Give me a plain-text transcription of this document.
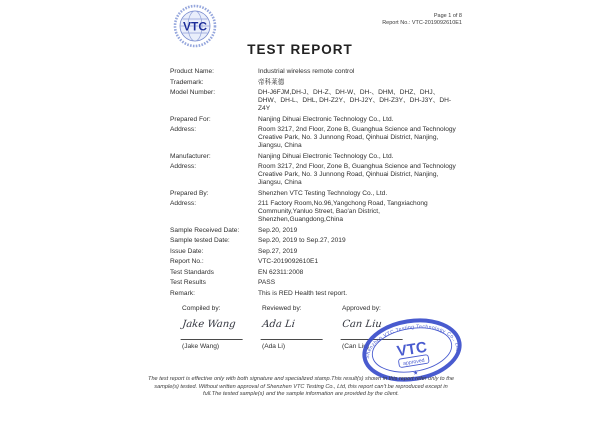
VTC
Page 1 of 8
Report No.: VTC-2019092610E1
TEST REPORT
Product Name:	Industrial wireless remote control
Trademark:	帝科莱德
Model Number:	DH-J6FJM,DH-J、DH-Z、DH-W、DH-、DHM、DHZ、DHJ、DHW、DH-L、DHL, DH-Z2Y、DH-J2Y、DH-Z3Y、DH-J3Y、DH-Z4Y
Prepared For:	Nanjing Dihuai Electronic Technology Co., Ltd.
Address:	Room 3217, 2nd Floor, Zone B, Guanghua Science and Technology Creative Park, No. 3 Junnong Road, Qinhuai District, Nanjing, Jiangsu, China
Manufacturer:	Nanjing Dihuai Electronic Technology Co., Ltd.
Address:	Room 3217, 2nd Floor, Zone B, Guanghua Science and Technology Creative Park, No. 3 Junnong Road, Qinhuai District, Nanjing, Jiangsu, China
Prepared By:	Shenzhen VTC Testing Technology Co., Ltd.
Address:	211 Factory Room,No.96,Yangchong Road, Tangxiachong Community,Yanluo Street, Bao'an District, Shenzhen,Guangdong,China
Sample Received Date:	Sep.20, 2019
Sample tested Date:	Sep.20, 2019 to Sep.27, 2019
Issue Date:	Sep.27, 2019
Report No.:	VTC-2019092610E1
Test Standards	EN 62311:2008
Test Results	PASS
Remark:	This is RED Health test report.
Compiled by:
Jake Wang
(Jake Wang)
Reviewed by:
Ada Li
(Ada Li)
Approved by:
Can Liu
(Can Liu)
Shenzhen VTC Testing Technology Co., Ltd
VTC
approved
★
The test report is effective only with both signature and specialized stamp.This result(s) shown in this report refer only to the sample(s) tested. Without written approval of Shenzhen VTC Testing Co., Ltd, this report can't be reproduced except in full.The tested sample(s) and the sample information are provided by the client.
